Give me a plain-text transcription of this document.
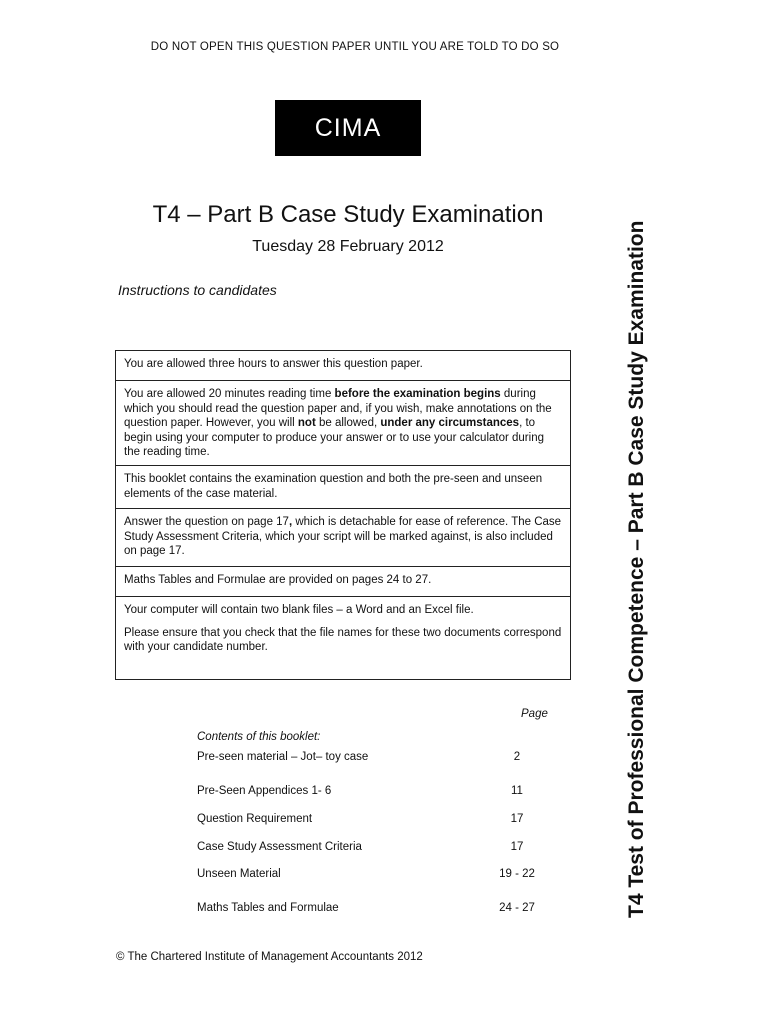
DO NOT OPEN THIS QUESTION PAPER UNTIL YOU ARE TOLD TO DO SO
CIMA
T4 – Part B Case Study Examination
Tuesday 28 February 2012
Instructions to candidates
You are allowed three hours to answer this question paper.
You are allowed 20 minutes reading time before the examination begins during which you should read the question paper and, if you wish, make annotations on the question paper. However, you will not be allowed, under any circumstances, to begin using your computer to produce your answer or to use your calculator during the reading time.
This booklet contains the examination question and both the pre-seen and unseen elements of the case material.
Answer the question on page 17, which is detachable for ease of reference. The Case Study Assessment Criteria, which your script will be marked against, is also included on page 17.
Maths Tables and Formulae are provided on pages 24 to 27.

Your computer will contain two blank files – a Word and an Excel file.

Please ensure that you check that the file names for these two documents correspond with your candidate number.

Page
Contents of this booklet:
Pre-seen material – Jot– toy case	2
Pre-Seen Appendices 1- 6	11
Question Requirement	17
Case Study Assessment Criteria	17
Unseen Material	19 - 22
Maths Tables and Formulae	24 - 27
© The Chartered Institute of Management Accountants 2012
T4 Test of Professional Competence – Part B Case Study Examination
